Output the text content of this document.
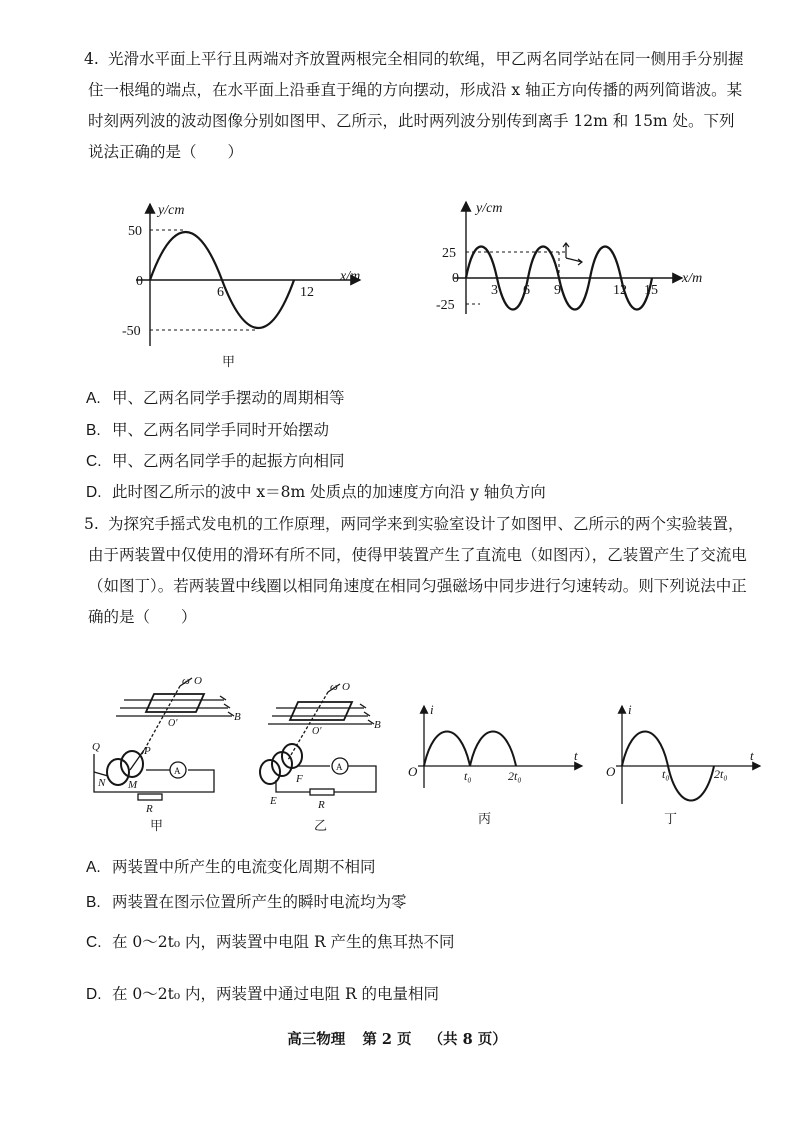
4. 光滑水平面上平行且两端对齐放置两根完全相同的软绳，甲乙两名同学站在同一侧用手分别握住一根绳的端点，在水平面上沿垂直于绳的方向摆动，形成沿 x 轴正方向传播的两列简谐波。某时刻两列波的波动图像分别如图甲、乙所示，此时两列波分别传到离手 12m 和 15m 处。下列说法正确的是（　　）
y/cm
x/m
0
50
-50
6	12
甲
y/cm
x/m
0
25
-25
3 6 9	12 15
A. 甲、乙两名同学手摆动的周期相等
B. 甲、乙两名同学手同时开始摆动
C. 甲、乙两名同学手的起振方向相同
D. 此时图乙所示的波中 x＝8m 处质点的加速度方向沿 y 轴负方向
5. 为探究手摇式发电机的工作原理，两同学来到实验室设计了如图甲、乙所示的两个实验装置，由于两装置中仅使用的滑环有所不同，使得甲装置产生了直流电（如图丙），乙装置产生了交流电（如图丁）。若两装置中线圈以相同角速度在相同匀强磁场中同步进行匀速转动。则下列说法中正确的是（　　）
ω O
O'
B
Q	P
N M
A
R
甲
ω O
O'
B
F
E
A
R
乙
i
t
O	t₀	2t₀
丙
i
t
O	t₀	2t₀
丁
A. 两装置中所产生的电流变化周期不相同
B. 两装置在图示位置所产生的瞬时电流均为零
C. 在 0～2t₀ 内，两装置中电阻 R 产生的焦耳热不同
D. 在 0～2t₀ 内，两装置中通过电阻 R 的电量相同
高三物理 第 2 页 （共 8 页）
